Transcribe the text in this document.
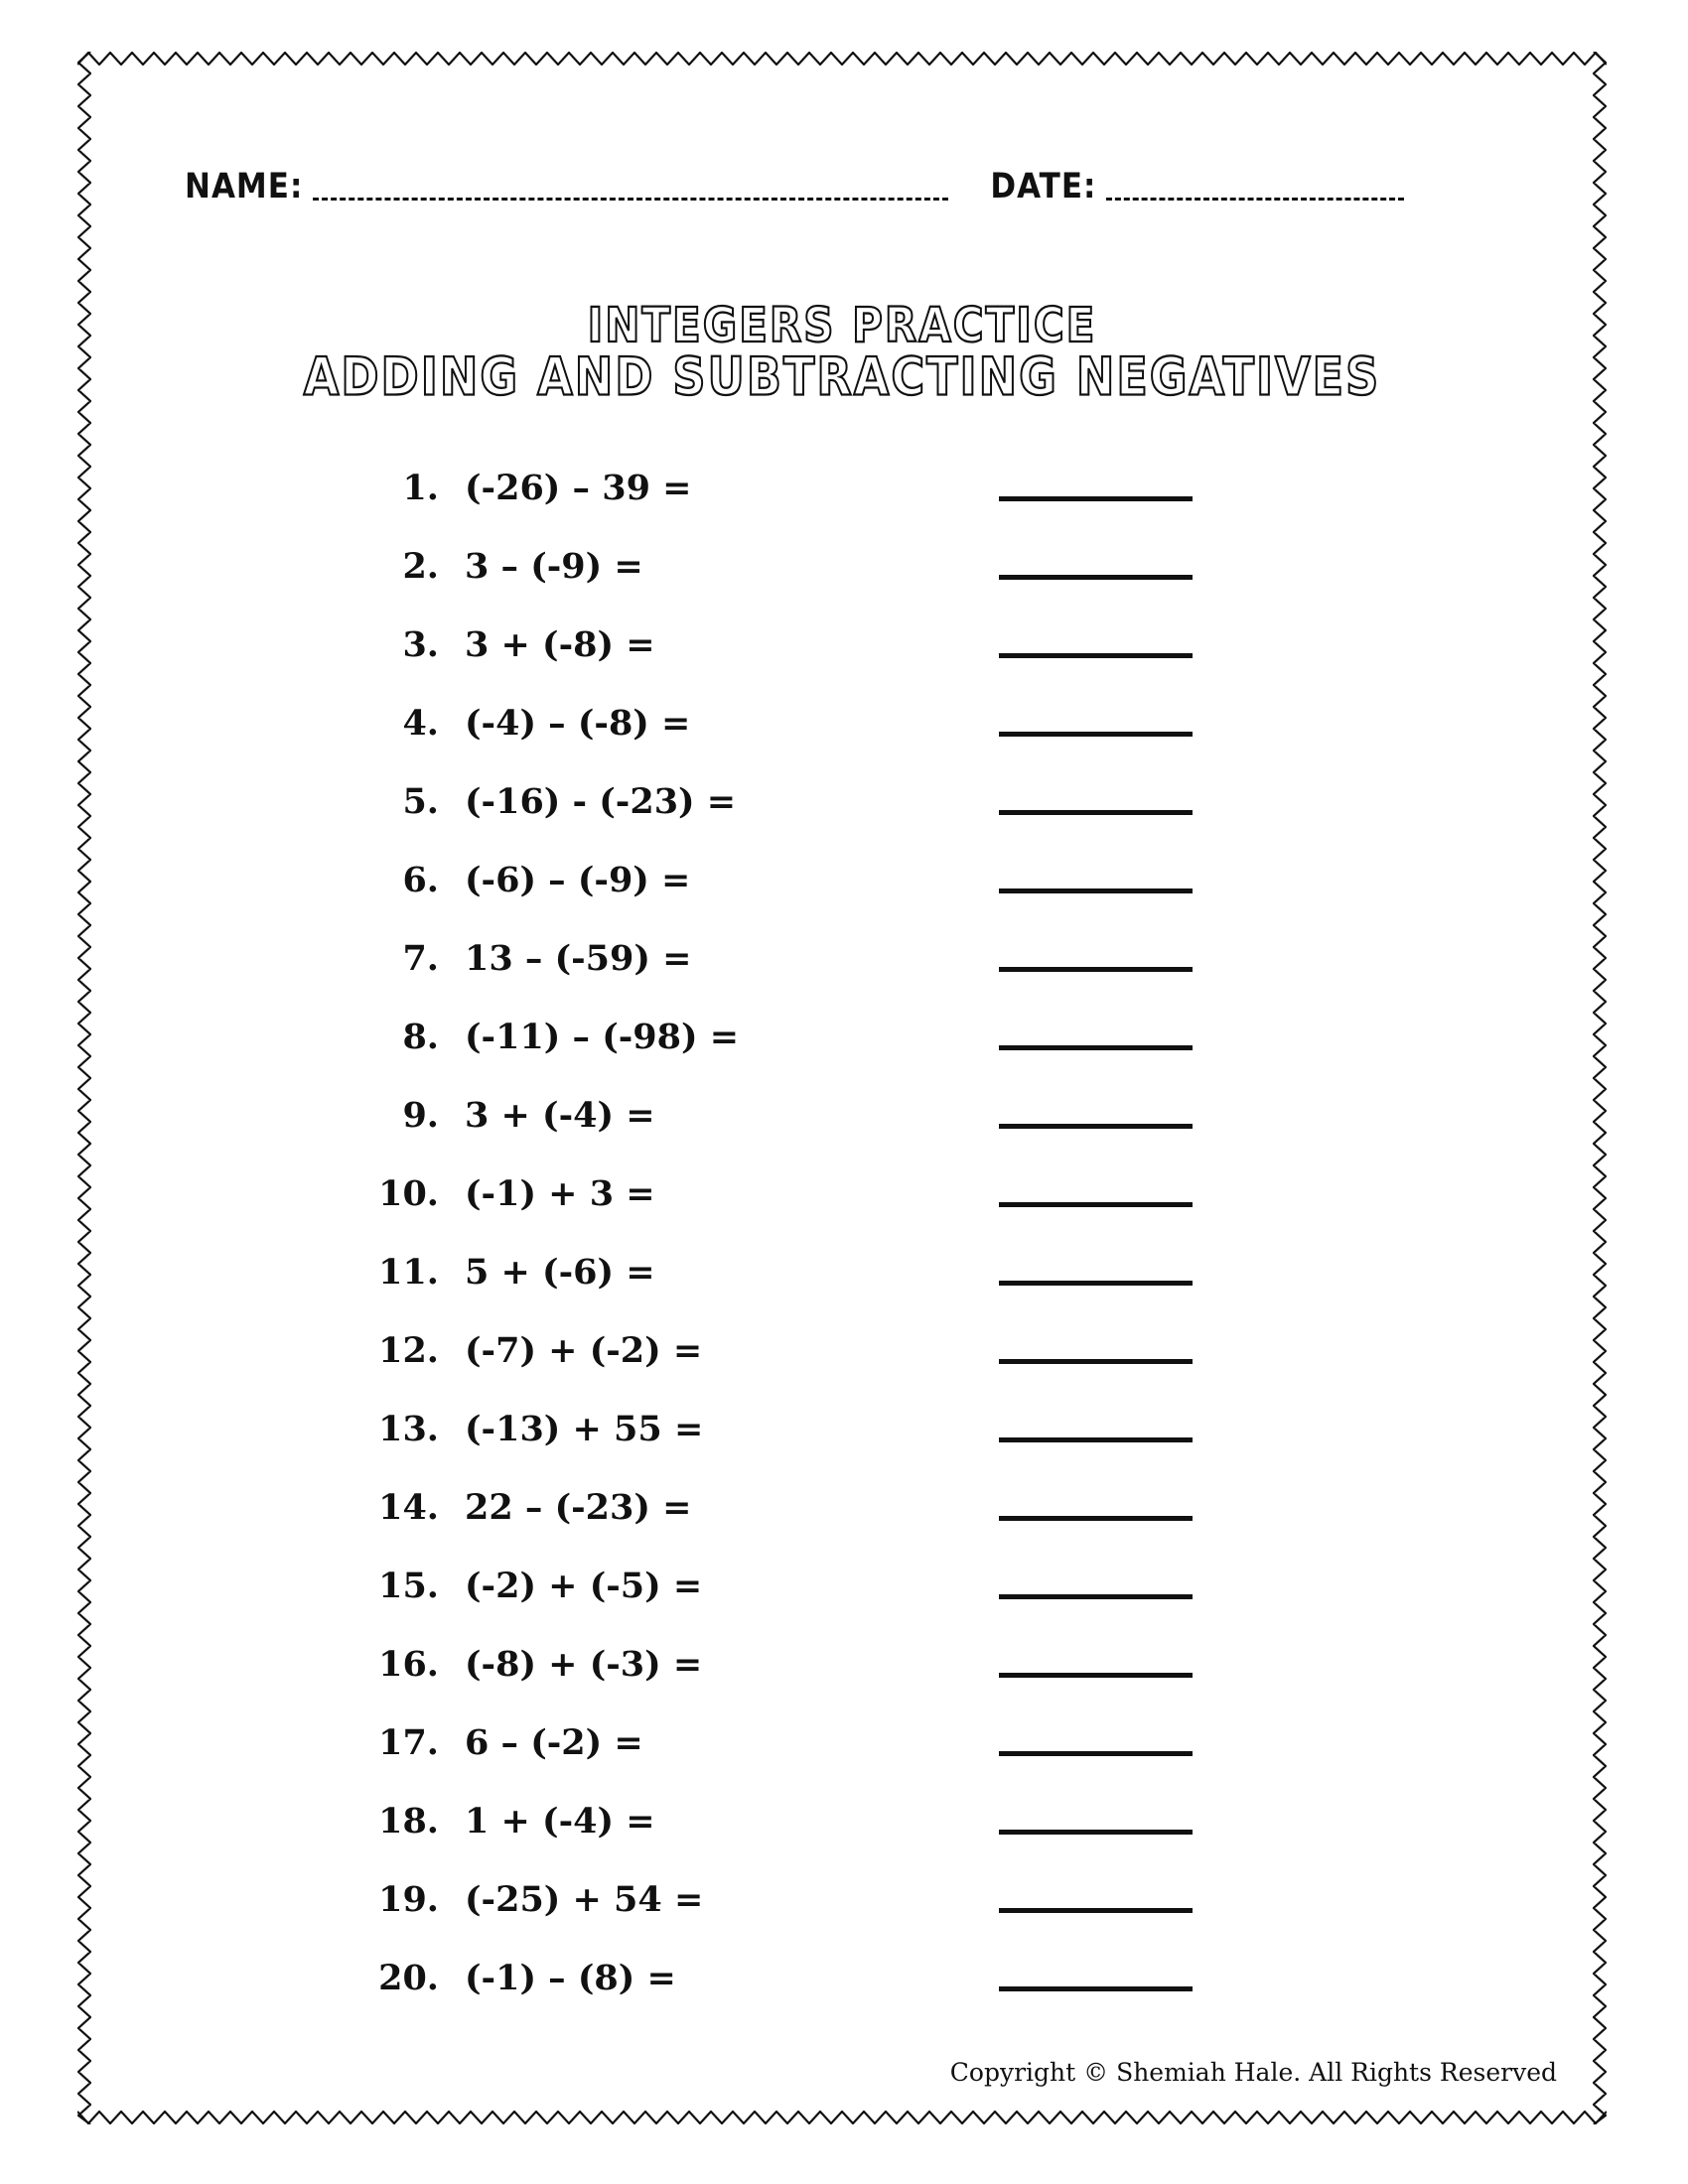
NAME:	DATE:
INTEGERS PRACTICE
ADDING AND SUBTRACTING NEGATIVES
1. (-26) – 39 =
2. 3 – (-9) =
3. 3 + (-8) =
4. (-4) – (-8) =
5. (-16) - (-23) =
6. (-6) – (-9) =
7. 13 – (-59) =
8. (-11) – (-98) =
9. 3 + (-4) =
10. (-1) + 3 =
11. 5 + (-6) =
12. (-7) + (-2) =
13. (-13) + 55 =
14. 22 – (-23) =
15. (-2) + (-5) =
16. (-8) + (-3) =
17. 6 – (-2) =
18. 1 + (-4) =
19. (-25) + 54 =
20. (-1) – (8) =
Copyright © Shemiah Hale. All Rights Reserved
